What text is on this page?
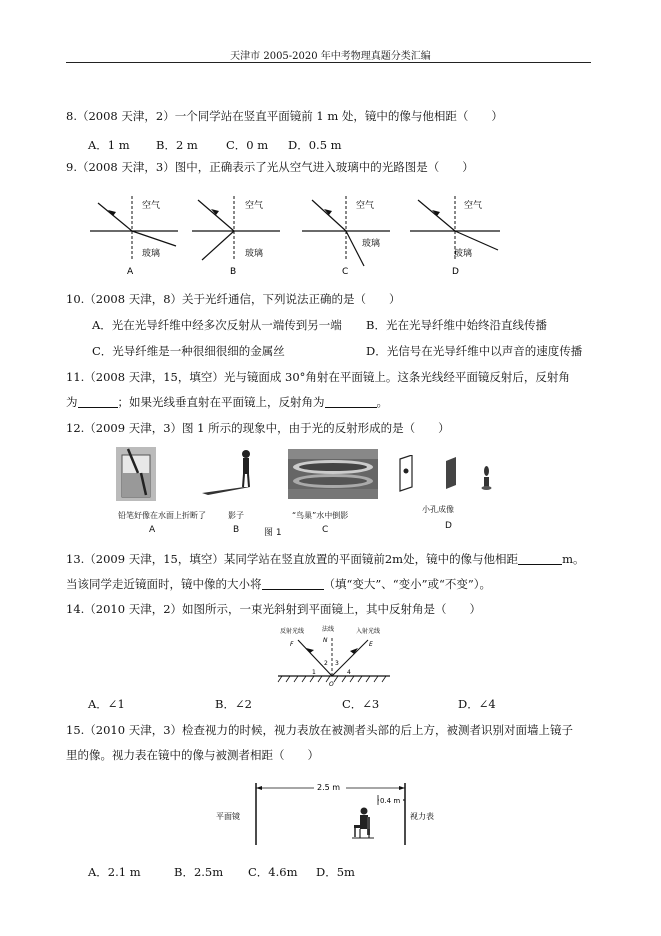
天津市 2005-2020 年中考物理真题分类汇编
8.（2008 天津，2）一个同学站在竖直平面镜前 1 m 处，镜中的像与他相距（　　）
A．1 m B．2 m C．0 m D．0.5 m
9.（2008 天津，3）图中，正确表示了光从空气进入玻璃中的光路图是（　　）
空气
玻璃
A
空气
玻璃
B
空气
玻璃
C
空气
玻璃
D
10.（2008 天津，8）关于光纤通信，下列说法正确的是（　　）
A．光在光导纤维中经多次反射从一端传到另一端 B．光在光导纤维中始终沿直线传播
C．光导纤维是一种很细很细的金属丝	D．光信号在光导纤维中以声音的速度传播
11.（2008 天津，15，填空）光与镜面成 30°角射在平面镜上。这条光线经平面镜反射后，反射角
为	；如果光线垂直射在平面镜上，反射角为	。
12.（2009 天津，3）图 1 所示的现象中，由于光的反射形成的是（　　）
铅笔好像在水面上折断了
A
影子
B
“鸟巢”水中倒影
C
小孔成像
D
图 1
13.（2009 天津，15，填空）某同学站在竖直放置的平面镜前2m处，镜中的像与他相距	m。
当该同学走近镜面时，镜中像的大小将	（填“变大”、“变小”或“不变”）。
14.（2010 天津，2）如图所示，一束光斜射到平面镜上，其中反射角是（　　）
反射光线	法线	入射光线
N
F	E
O
1
2 3
4
A．∠1	B．∠2	C．∠3	D．∠4
15.（2010 天津，3）检查视力的时候，视力表放在被测者头部的后上方，被测者识别对面墙上镜子
里的像。视力表在镜中的像与被测者相距（　　）
2.5 m
0.4 m
平面镜	视力表
A．2.1 m	B．2.5m C．4.6m D．5m
